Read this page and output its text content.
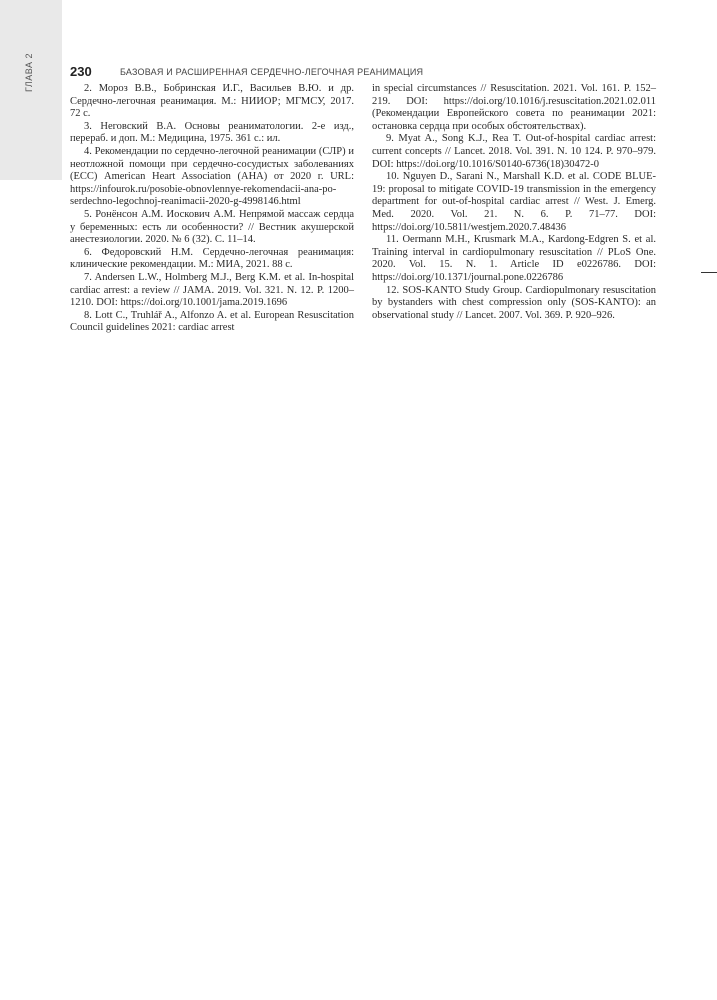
ГЛАВА 2	230	БАЗОВАЯ И РАСШИРЕННАЯ СЕРДЕЧНО-ЛЕГОЧНАЯ РЕАНИМАЦИЯ

2. Мороз В.В., Бобринская И.Г., Васильев В.Ю. и др. Сердечно-легочная реанимация. М.: НИИОР; МГМСУ, 2017. 72 с.

3. Неговский В.А. Основы реаниматологии. 2-е изд., перераб. и доп. М.: Медицина, 1975. 361 с.: ил.

4. Рекомендации по сердечно-легочной реанимации (СЛР) и неотложной помощи при сердечно-сосудистых заболеваниях (ECC) American Heart Association (AHA) от 2020 г. URL: https://infourok.ru/posobie-obnovlennye-rekomendacii-ana-po-serdechno-legochnoj-reanimacii-2020-g-4998146.html

5. Ронёнсон А.М. Иоскович А.М. Непрямой массаж сердца у беременных: есть ли особенности? // Вестник акушерской анестезиологии. 2020. № 6 (32). С. 11–14.

6. Федоровский Н.М. Сердечно-легочная реанимация: клинические рекомендации. М.: МИА, 2021. 88 с.

7. Andersen L.W., Holmberg M.J., Berg K.M. et al. In-hospital cardiac arrest: a review // JAMA. 2019. Vol. 321. N. 12. P. 1200–1210. DOI: https://doi.org/10.1001/jama.2019.1696

8. Lott C., Truhlář A., Alfonzo A. et al. European Resuscitation Council guidelines 2021: cardiac arrest

in special circumstances // Resuscitation. 2021. Vol. 161. P. 152–219. DOI: https://doi.org/10.1016/j.resuscitation.2021.02.011 (Рекомендации Европейского совета по реанимации 2021: остановка сердца при особых обстоятельствах).

9. Myat A., Song K.J., Rea T. Out-of-hospital cardiac arrest: current concepts // Lancet. 2018. Vol. 391. N. 10 124. P. 970–979. DOI: https://doi.org/10.1016/S0140-6736(18)30472-0

10. Nguyen D., Sarani N., Marshall K.D. et al. CODE BLUE-19: proposal to mitigate COVID-19 transmission in the emergency department for out-of-hospital cardiac arrest // West. J. Emerg. Med. 2020. Vol. 21. N. 6. P. 71–77. DOI: https://doi.org/10.5811/westjem.2020.7.48436

11. Oermann M.H., Krusmark M.A., Kardong-Edgren S. et al. Training interval in cardiopulmonary resuscitation // PLoS One. 2020. Vol. 15. N. 1. Article ID e0226786. DOI: https://doi.org/10.1371/journal.pone.0226786

12. SOS-KANTO Study Group. Cardiopulmonary resuscitation by bystanders with chest compression only (SOS-KANTO): an observational study // Lancet. 2007. Vol. 369. P. 920–926.
